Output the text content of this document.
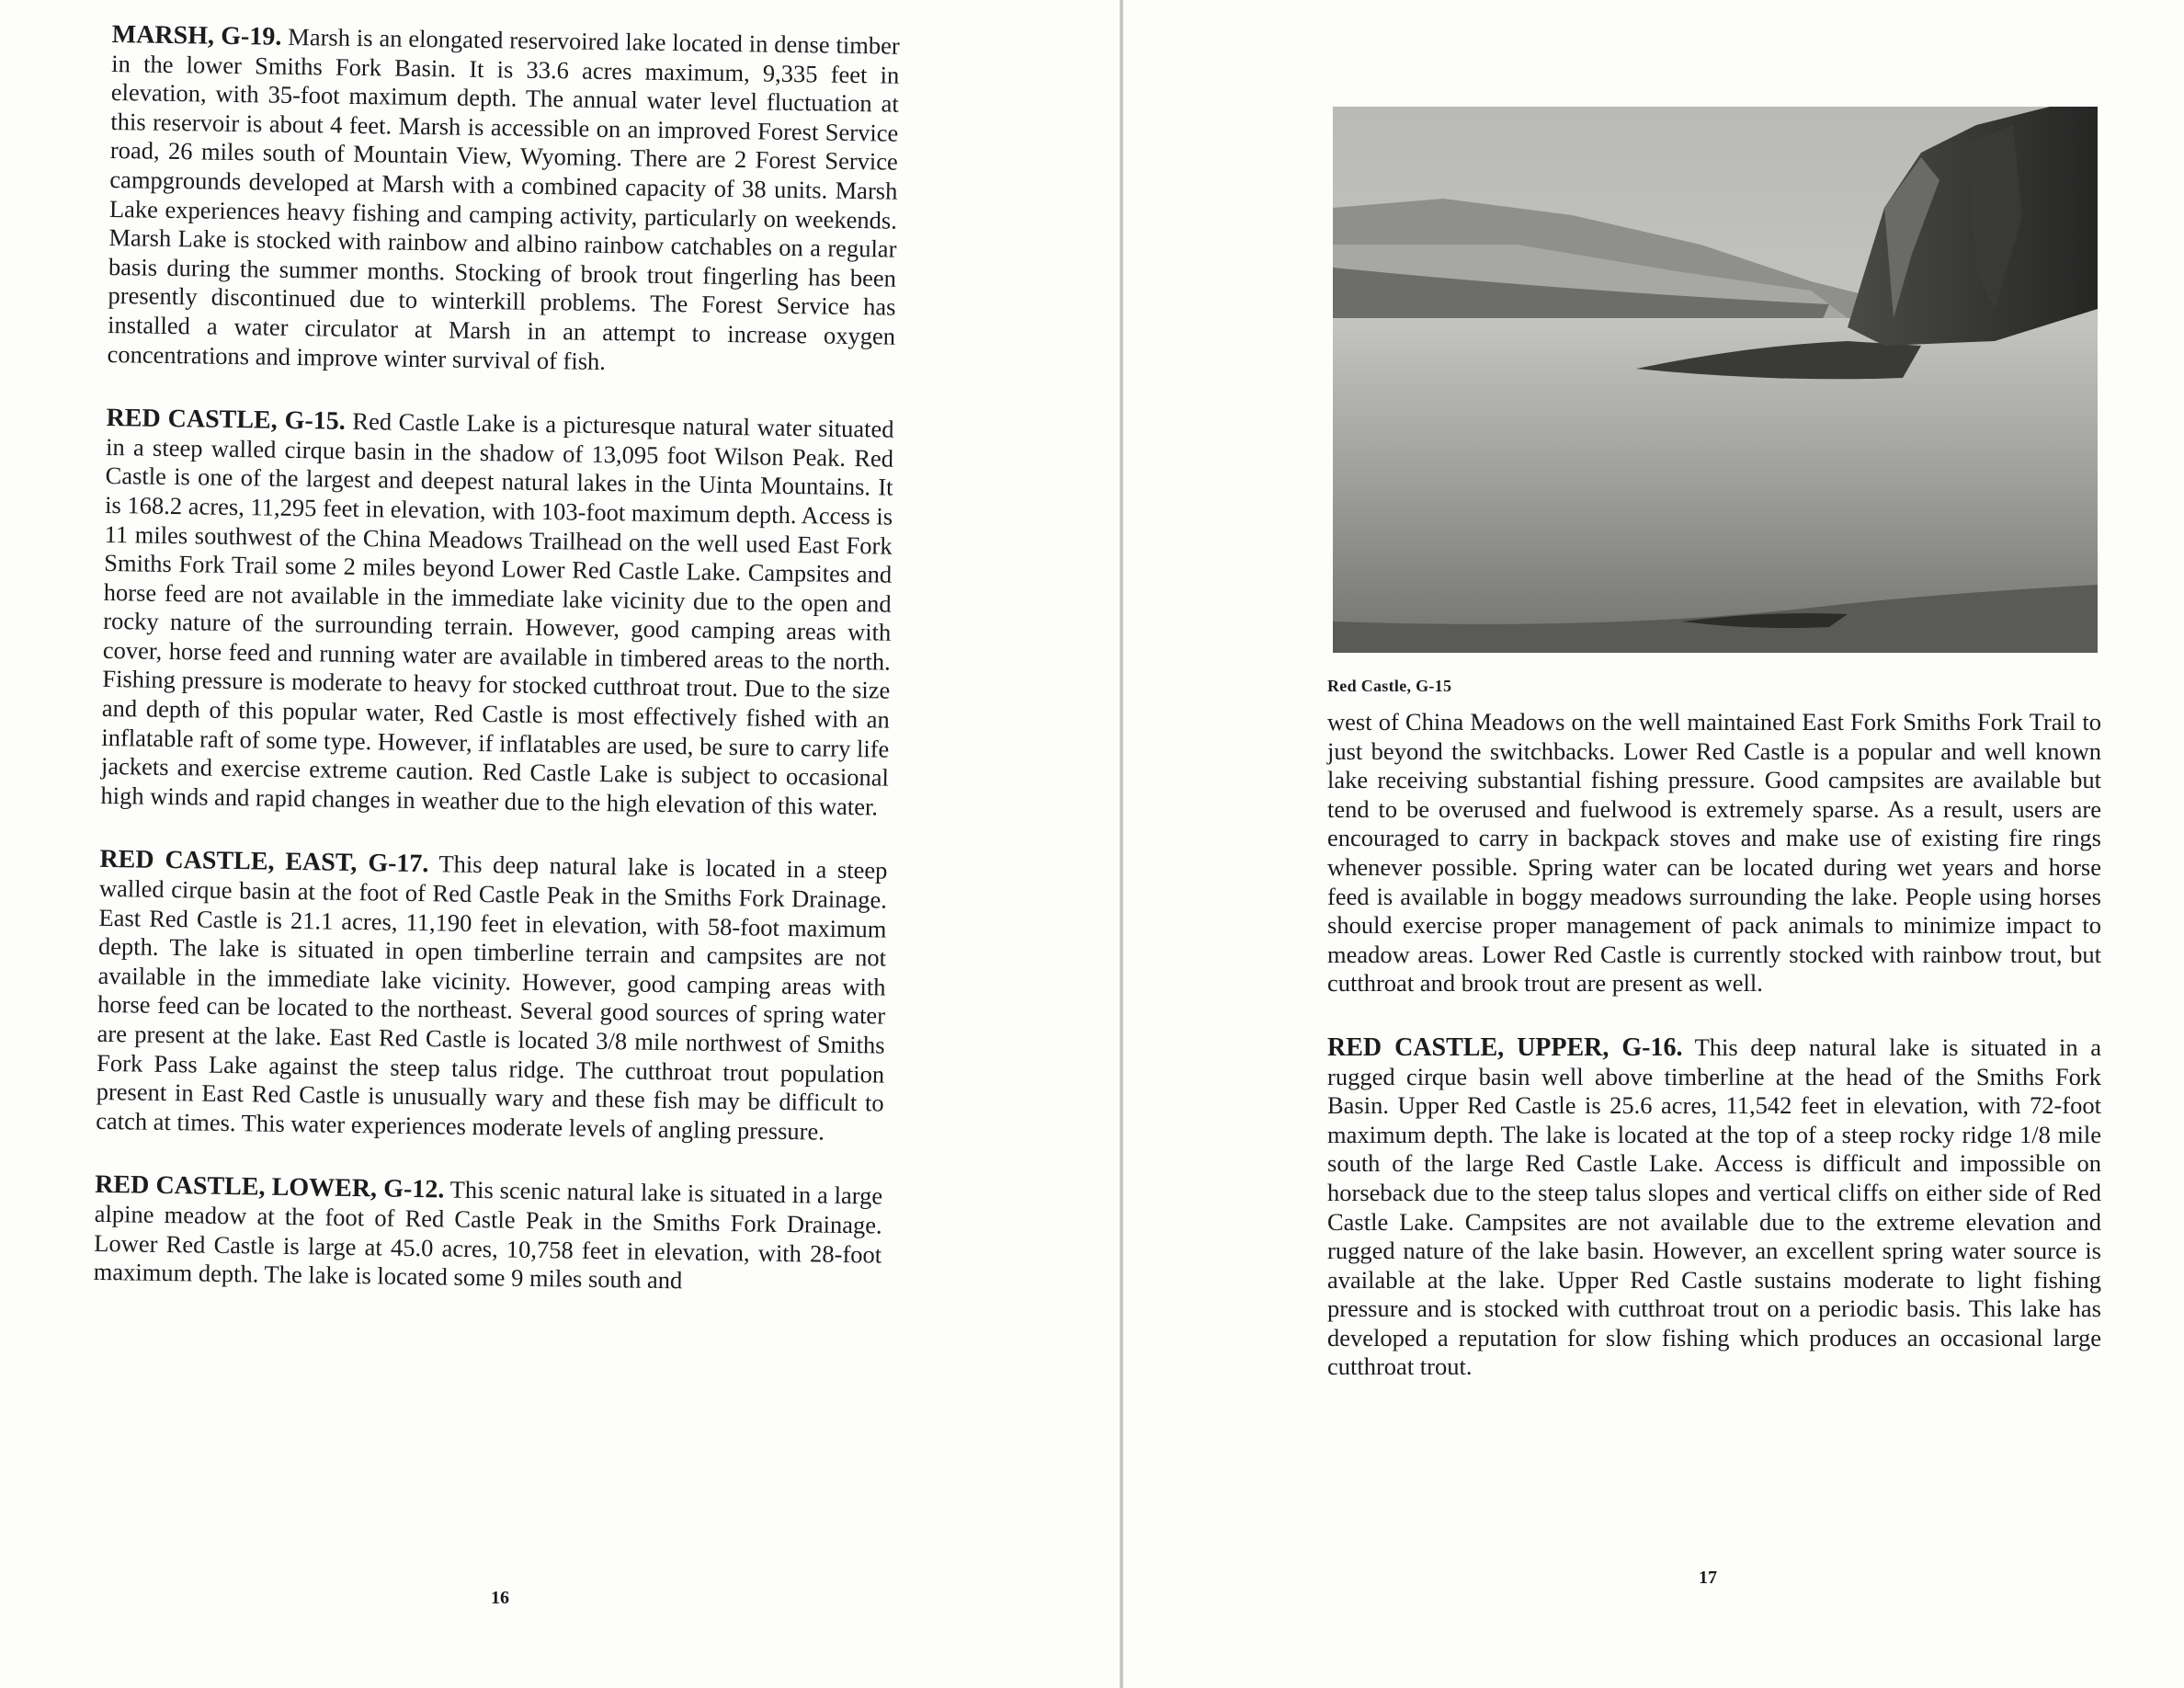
MARSH, G-19. Marsh is an elongated reservoired lake located in dense timber in the lower Smiths Fork Basin. It is 33.6 acres maximum, 9,335 feet in elevation, with 35-foot maximum depth. The annual water level fluctuation at this reservoir is about 4 feet. Marsh is accessible on an improved Forest Service road, 26 miles south of Mountain View, Wyoming. There are 2 Forest Service campgrounds developed at Marsh with a combined capacity of 38 units. Marsh Lake experiences heavy fishing and camping activity, particularly on weekends. Marsh Lake is stocked with rainbow and albino rainbow catchables on a regular basis during the summer months. Stocking of brook trout fingerling has been presently discontinued due to winterkill problems. The Forest Service has installed a water circulator at Marsh in an attempt to increase oxygen concentrations and improve winter survival of fish.

RED CASTLE, G-15. Red Castle Lake is a picturesque natural water situated in a steep walled cirque basin in the shadow of 13,095 foot Wilson Peak. Red Castle is one of the largest and deepest natural lakes in the Uinta Mountains. It is 168.2 acres, 11,295 feet in elevation, with 103-foot maximum depth. Access is 11 miles southwest of the China Meadows Trailhead on the well used East Fork Smiths Fork Trail some 2 miles beyond Lower Red Castle Lake. Campsites and horse feed are not available in the immediate lake vicinity due to the open and rocky nature of the surrounding terrain. However, good camping areas with cover, horse feed and running water are available in timbered areas to the north. Fishing pressure is moderate to heavy for stocked cutthroat trout. Due to the size and depth of this popular water, Red Castle is most effectively fished with an inflatable raft of some type. However, if inflatables are used, be sure to carry life jackets and exercise extreme caution. Red Castle Lake is subject to occasional high winds and rapid changes in weather due to the high elevation of this water.

RED CASTLE, EAST, G-17. This deep natural lake is located in a steep walled cirque basin at the foot of Red Castle Peak in the Smiths Fork Drainage. East Red Castle is 21.1 acres, 11,190 feet in elevation, with 58-foot maximum depth. The lake is situated in open timberline terrain and campsites are not available in the immediate lake vicinity. However, good camping areas with horse feed can be located to the northeast. Several good sources of spring water are present at the lake. East Red Castle is located 3/8 mile northwest of Smiths Fork Pass Lake against the steep talus ridge. The cutthroat trout population present in East Red Castle is unusually wary and these fish may be difficult to catch at times. This water experiences moderate levels of angling pressure.

RED CASTLE, LOWER, G-12. This scenic natural lake is situated in a large alpine meadow at the foot of Red Castle Peak in the Smiths Fork Drainage. Lower Red Castle is large at 45.0 acres, 10,758 feet in elevation, with 28-foot maximum depth. The lake is located some 9 miles south and

16
Red Castle, G-15

west of China Meadows on the well maintained East Fork Smiths Fork Trail to just beyond the switchbacks. Lower Red Castle is a popular and well known lake receiving substantial fishing pressure. Good campsites are available but tend to be overused and fuelwood is extremely sparse. As a result, users are encouraged to carry in backpack stoves and make use of existing fire rings whenever possible. Spring water can be located during wet years and horse feed is available in boggy meadows surrounding the lake. People using horses should exercise proper management of pack animals to minimize impact to meadow areas. Lower Red Castle is currently stocked with rainbow trout, but cutthroat and brook trout are present as well.

RED CASTLE, UPPER, G-16. This deep natural lake is situated in a rugged cirque basin well above timberline at the head of the Smiths Fork Basin. Upper Red Castle is 25.6 acres, 11,542 feet in elevation, with 72-foot maximum depth. The lake is located at the top of a steep rocky ridge 1/8 mile south of the large Red Castle Lake. Access is difficult and impossible on horseback due to the steep talus slopes and vertical cliffs on either side of Red Castle Lake. Campsites are not available due to the extreme elevation and rugged nature of the lake basin. However, an excellent spring water source is available at the lake. Upper Red Castle sustains moderate to light fishing pressure and is stocked with cutthroat trout on a periodic basis. This lake has developed a reputation for slow fishing which produces an occasional large cutthroat trout.

17
